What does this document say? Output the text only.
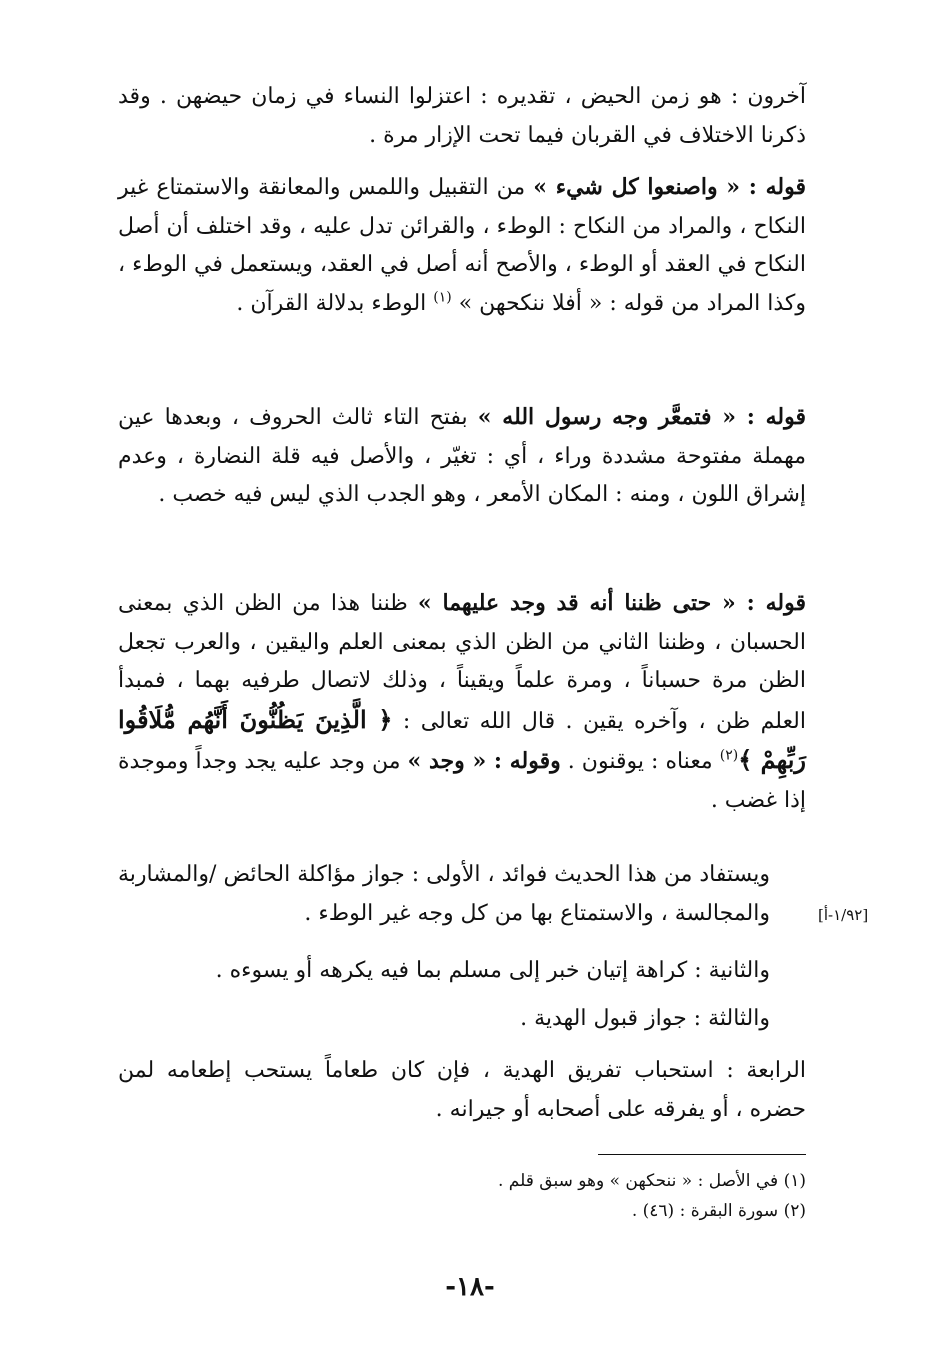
آخرون : هو زمن الحيض ، تقديره : اعتزلوا النساء في زمان حيضهن . وقد ذكرنا الاختلاف في القربان فيما تحت الإزار مرة .

قوله : « واصنعوا كل شيء » من التقبيل واللمس والمعانقة والاستمتاع غير النكاح ، والمراد من النكاح : الوطء ، والقرائن تدل عليه ، وقد اختلف أن أصل النكاح في العقد أو الوطء ، والأصح أنه أصل في العقد، ويستعمل في الوطء ، وكذا المراد من قوله : « أفلا ننكحهن » $^{(١)}$ الوطء بدلالة القرآن .

قوله : « فتمعَّر وجه رسول الله » بفتح التاء ثالث الحروف ، وبعدها عين مهملة مفتوحة مشددة وراء ، أي : تغيّر ، والأصل فيه قلة النضارة ، وعدم إشراق اللون ، ومنه : المكان الأمعر ، وهو الجدب الذي ليس فيه خصب .

قوله : « حتى ظننا أنه قد وجد عليهما » ظننا هذا من الظن الذي بمعنى الحسبان ، وظننا الثاني من الظن الذي بمعنى العلم واليقين ، والعرب تجعل الظن مرة حسباناً ، ومرة علماً ويقيناً ، وذلك لاتصال طرفيه بهما ، فمبدأ العلم ظن ، وآخره يقين . قال الله تعالى : ﴿ الَّذِينَ يَظُنُّونَ أَنَّهُم مُّلَاقُوا رَبِّهِمْ ﴾$^{(٢)}$ معناه : يوقنون . وقوله : « وجد » من وجد عليه يجد وجداً وموجدة إذا غضب .

ويستفاد من هذا الحديث فوائد ، الأولى : جواز مؤاكلة الحائض /والمشاربة والمجالسة ، والاستمتاع بها من كل وجه غير الوطء .	[١/٩٢-أ]

والثانية : كراهة إتيان خبر إلى مسلم بما فيه يكرهه أو يسوءه .

والثالثة : جواز قبول الهدية .

الرابعة : استحباب تفريق الهدية ، فإن كان طعاماً يستحب إطعامه لمن حضره ، أو يفرقه على أصحابه أو جيرانه .

(١) في الأصل : « ننحكهن » وهو سبق قلم .

(٢) سورة البقرة : (٤٦) .

-١٨-
